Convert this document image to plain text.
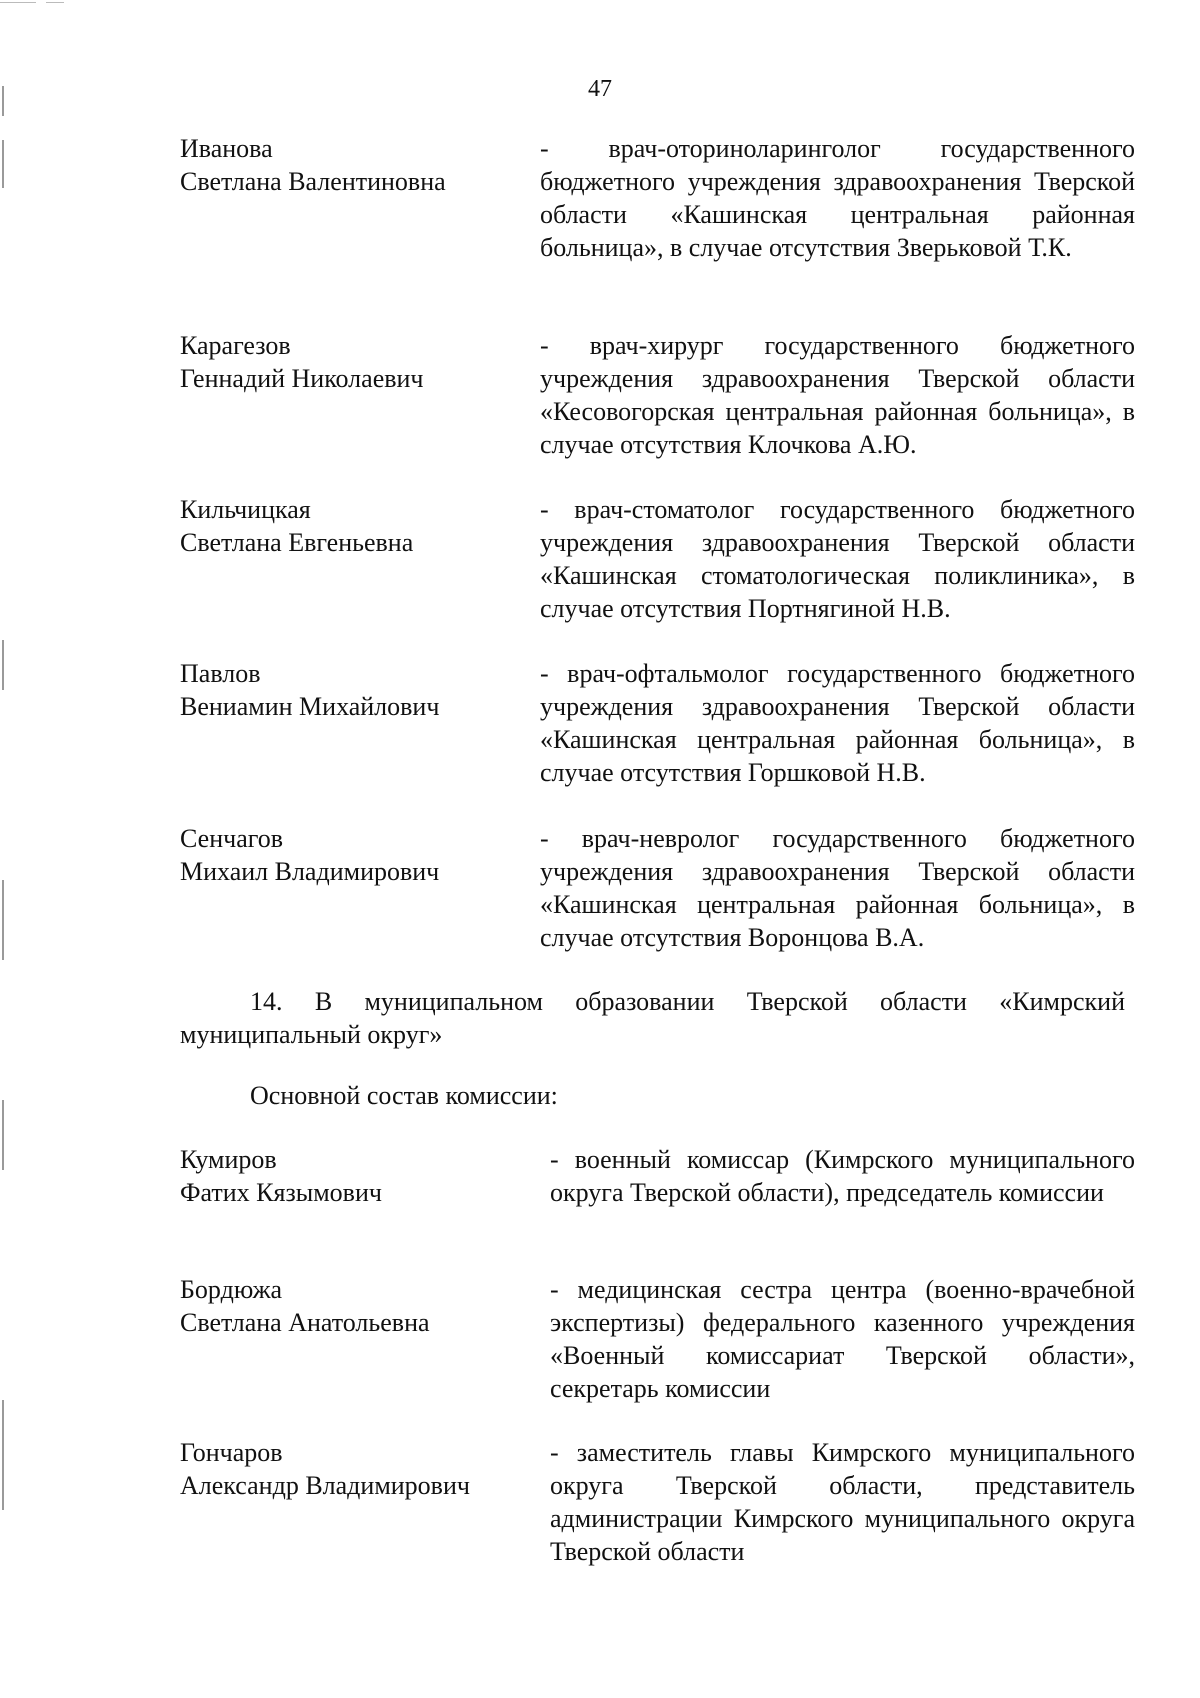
47
Иванова
Светлана Валентиновна
- врач-оториноларинголог государственного бюджетного учреждения здравоохранения Тверской области «Кашинская центральная районная больница», в случае отсутствия Зверьковой Т.К.
Карагезов
Геннадий Николаевич
- врач-хирург государственного бюджетного учреждения здравоохранения Тверской области «Кесовогорская центральная районная больница», в случае отсутствия Клочкова А.Ю.
Кильчицкая
Светлана Евгеньевна
- врач-стоматолог государственного бюджетного учреждения здравоохранения Тверской области «Кашинская стоматологическая поликлиника», в случае отсутствия Портнягиной Н.В.
Павлов
Вениамин Михайлович
- врач-офтальмолог государственного бюджетного учреждения здравоохранения Тверской области «Кашинская центральная районная больница», в случае отсутствия Горшковой Н.В.
Сенчагов
Михаил Владимирович
- врач-невролог государственного бюджетного учреждения здравоохранения Тверской области «Кашинская центральная районная больница», в случае отсутствия Воронцова В.А.
14. В муниципальном образовании Тверской области «Кимрский муниципальный округ»
Основной состав комиссии:
Кумиров
Фатих Кязымович
- военный комиссар (Кимрского муниципального округа Тверской области), председатель комиссии
Бордюжа
Светлана Анатольевна
- медицинская сестра центра (военно-врачебной экспертизы) федерального казенного учреждения «Военный комиссариат Тверской области», секретарь комиссии
Гончаров
Александр Владимирович
- заместитель главы Кимрского муниципального округа Тверской области, представитель администрации Кимрского муниципального округа Тверской области
